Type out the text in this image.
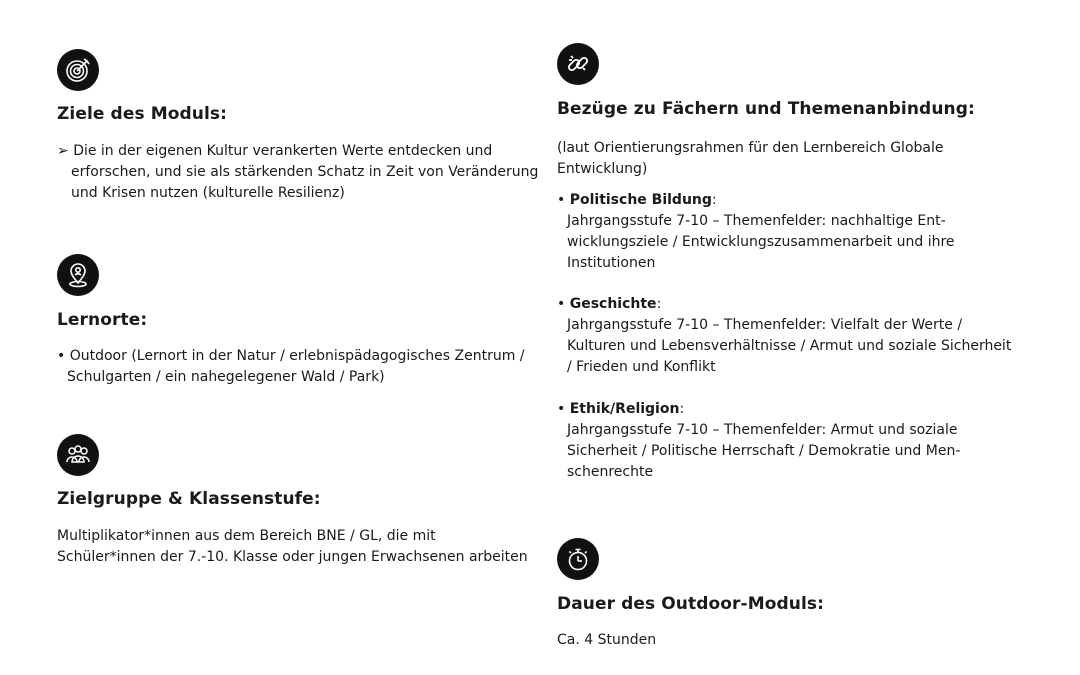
Ziele des Moduls:

➢ Die in der eigenen Kultur verankerten Werte entdecken und erforschen, und sie als stärkenden Schatz in Zeit von Veränderung und Krisen nutzen (kulturelle Resilienz)

Lernorte:

• Outdoor (Lernort in der Natur / erlebnispädagogisches Zentrum / Schulgarten / ein nahegelegener Wald / Park)

Zielgruppe & Klassenstufe:

Multiplikator*innen aus dem Bereich BNE / GL, die mit Schüler*innen der 7.-10. Klasse oder jungen Erwachsenen arbeiten

Bezüge zu Fächern und Themenanbindung:

(laut Orientierungsrahmen für den Lernbereich Globale Entwicklung)

• Politische Bildung:
Jahrgangsstufe 7-10 – Themenfelder: nachhaltige Ent-wicklungsziele / Entwicklungszusammenarbeit und ihre Institutionen
• Geschichte:
Jahrgangsstufe 7-10 – Themenfelder: Vielfalt der Werte / Kulturen und Lebensverhältnisse / Armut und soziale Sicherheit / Frieden und Konflikt
• Ethik/Religion:
Jahrgangsstufe 7-10 – Themenfelder: Armut und soziale Sicherheit / Politische Herrschaft / Demokratie und Men-schenrechte
Dauer des Outdoor-Moduls:

Ca. 4 Stunden
